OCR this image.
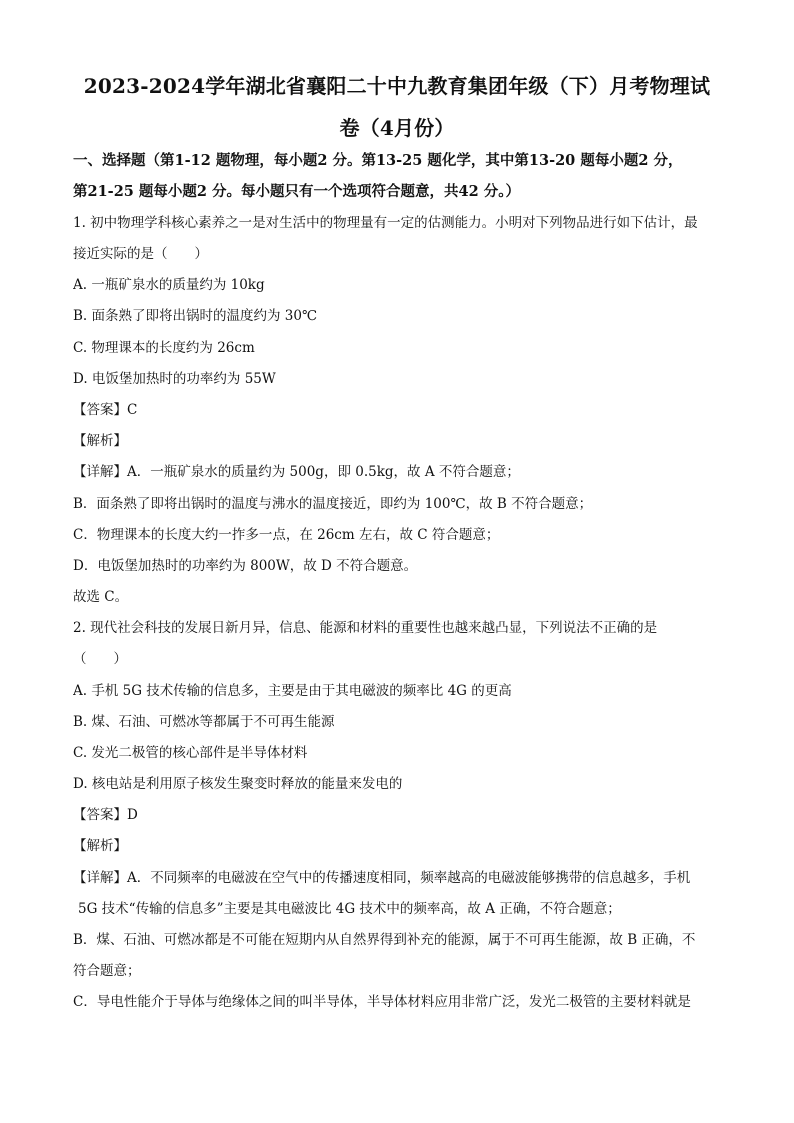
2023-2024学年湖北省襄阳二十中九教育集团年级（下）月考物理试
卷（4月份）
一、选择题（第1-12 题物理，每小题2 分。第13-25 题化学，其中第13-20 题每小题2 分，
第21-25 题每小题2 分。每小题只有一个选项符合题意，共42 分。）
1. 初中物理学科核心素养之一是对生活中的物理量有一定的估测能力。小明对下列物品进行如下估计，最
接近实际的是（　　）
A. 一瓶矿泉水的质量约为 10kg
B. 面条熟了即将出锅时的温度约为 30℃
C. 物理课本的长度约为 26cm
D. 电饭堡加热时的功率约为 55W
【答案】C
【解析】
【详解】A．一瓶矿泉水的质量约为 500g，即 0.5kg，故 A 不符合题意；
B．面条熟了即将出锅时的温度与沸水的温度接近，即约为 100℃，故 B 不符合题意；
C．物理课本的长度大约一拃多一点，在 26cm 左右，故 C 符合题意；
D．电饭堡加热时的功率约为 800W，故 D 不符合题意。
故选 C。
2. 现代社会科技的发展日新月异，信息、能源和材料的重要性也越来越凸显，下列说法不正确的是
（　　）
A. 手机 5G 技术传输的信息多，主要是由于其电磁波的频率比 4G 的更高
B. 煤、石油、可燃冰等都属于不可再生能源
C. 发光二极管的核心部件是半导体材料
D. 核电站是利用原子核发生聚变时释放的能量来发电的
【答案】D
【解析】
【详解】A．不同频率的电磁波在空气中的传播速度相同，频率越高的电磁波能够携带的信息越多，手机
5G 技术“传输的信息多”主要是其电磁波比 4G 技术中的频率高，故 A 正确，不符合题意；
B．煤、石油、可燃冰都是不可能在短期内从自然界得到补充的能源，属于不可再生能源，故 B 正确，不
符合题意；
C．导电性能介于导体与绝缘体之间的叫半导体，半导体材料应用非常广泛，发光二极管的主要材料就是
